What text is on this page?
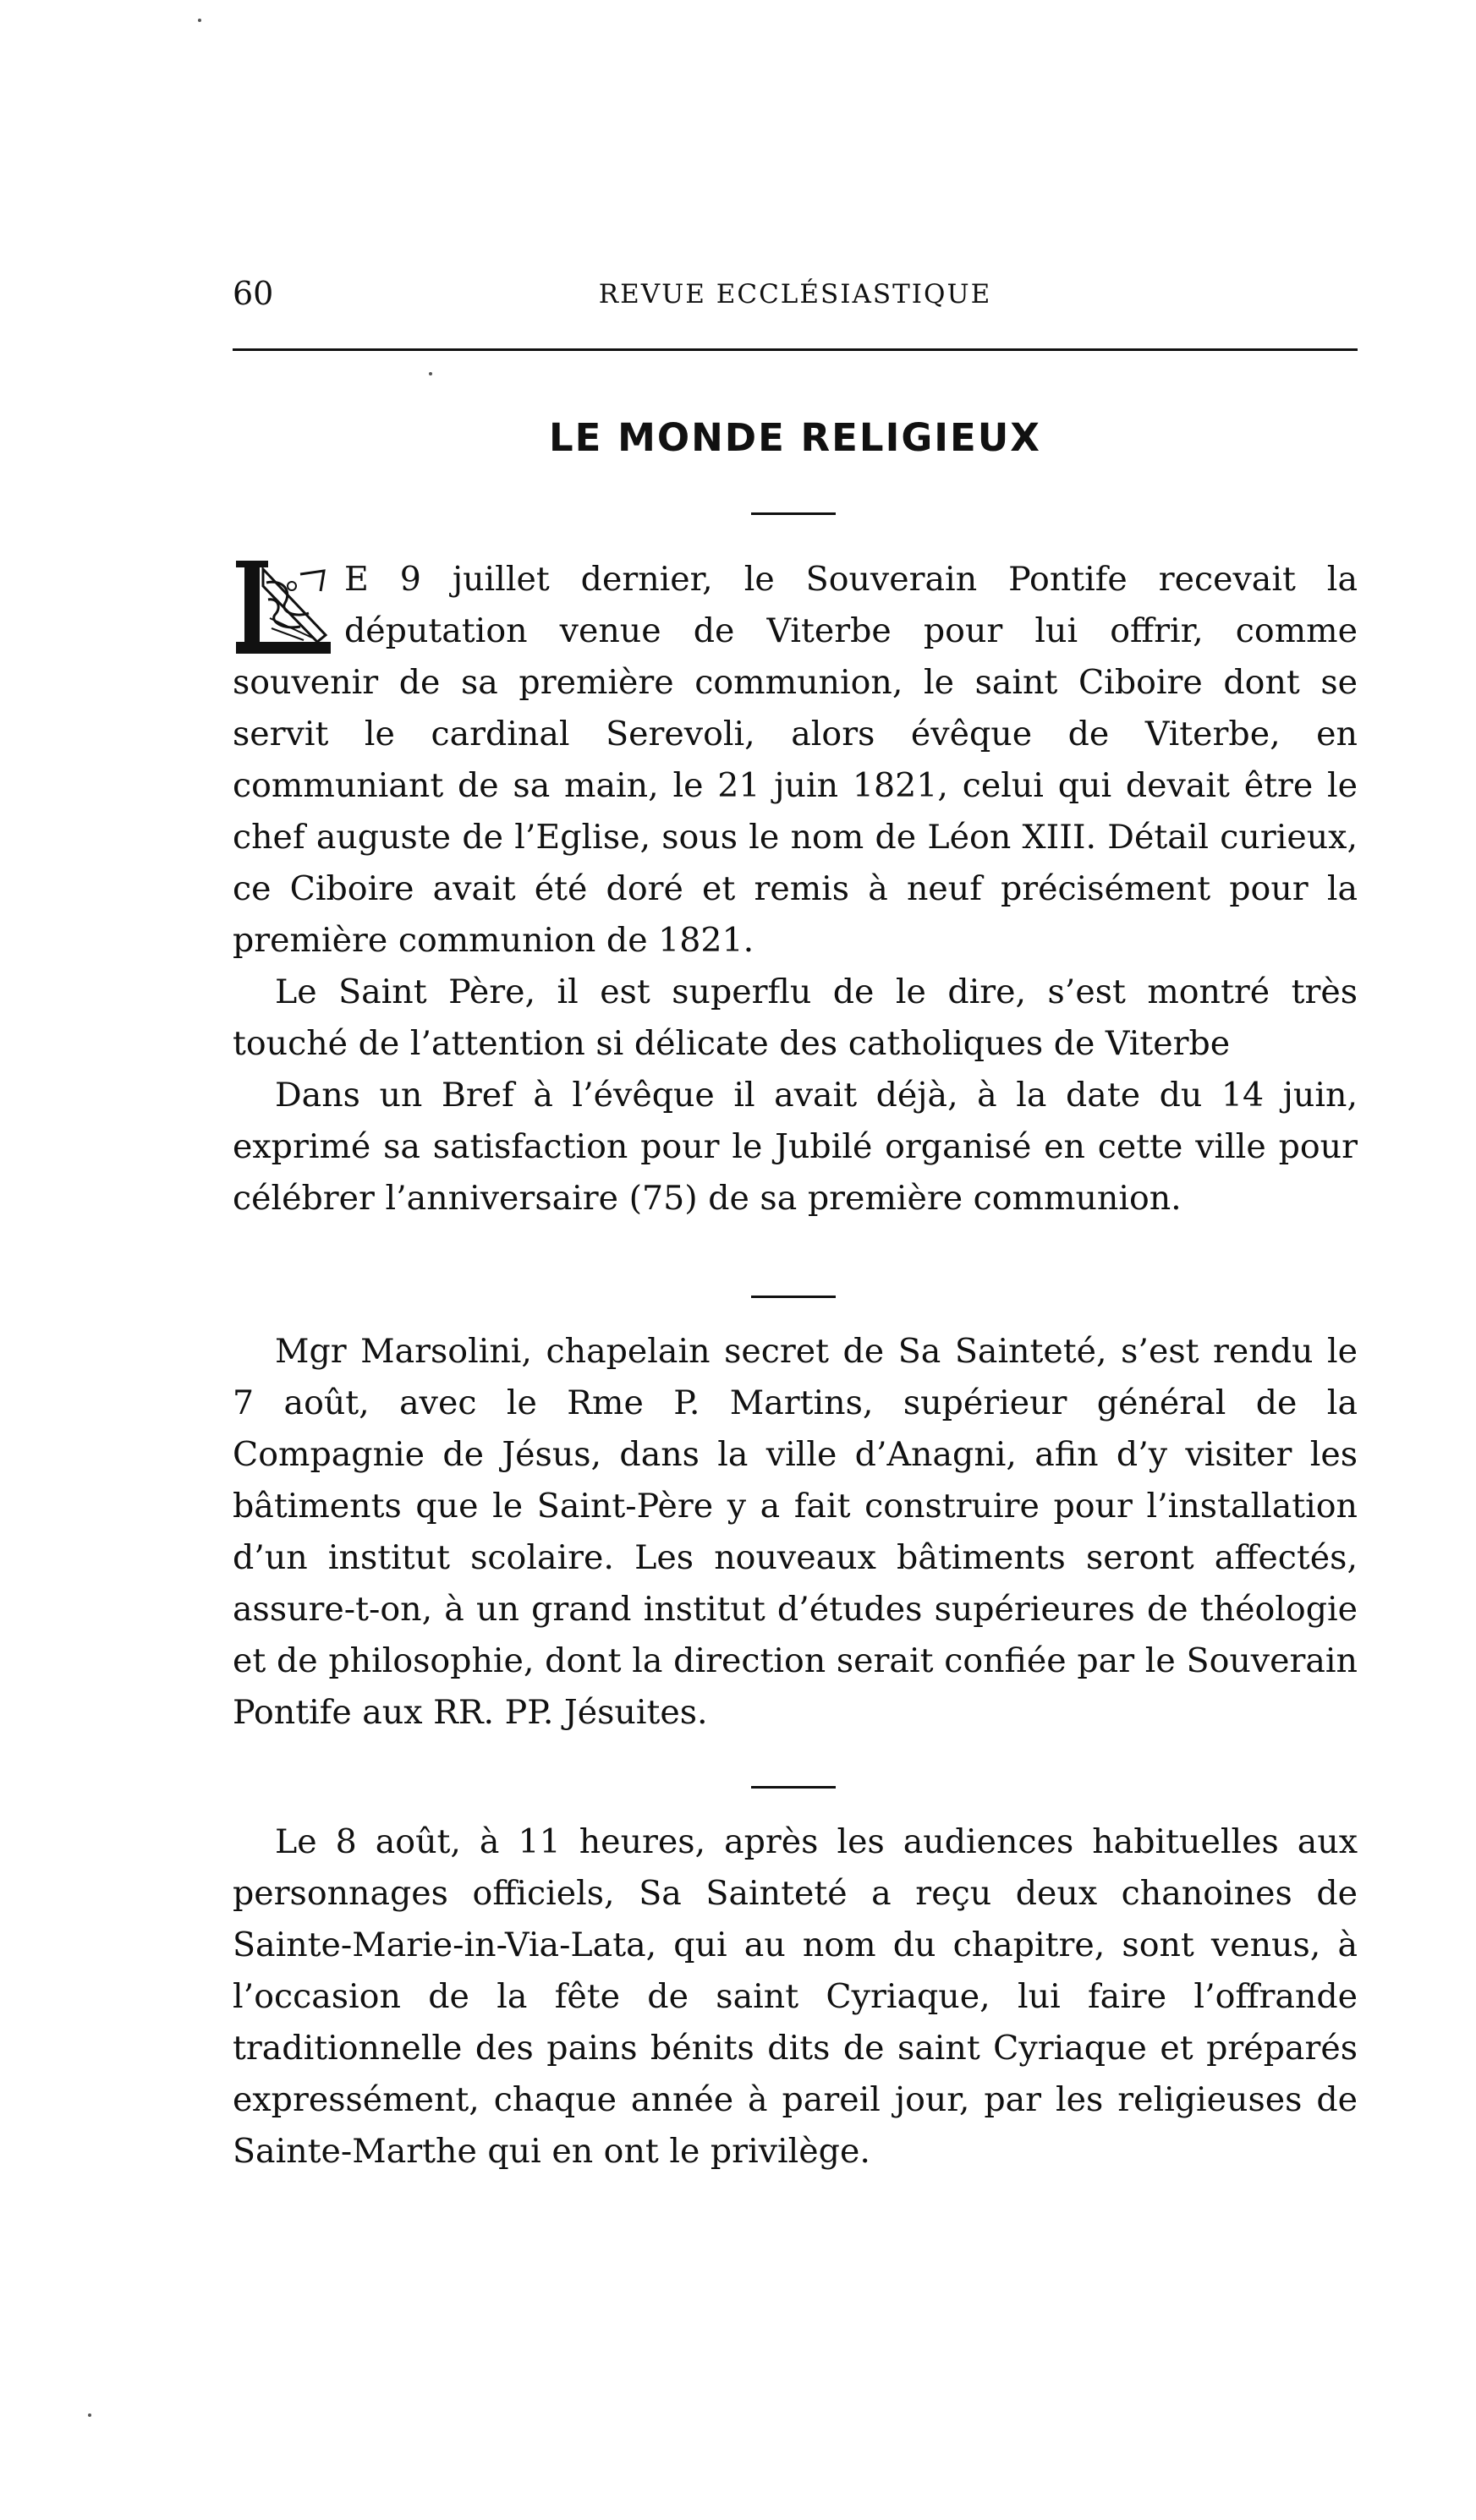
60	REVUE ECCLÉSIASTIQUE
LE MONDE RELIGIEUX

E 9 juillet dernier, le Souverain Pontife recevait la députation venue de Viterbe pour lui offrir, comme souvenir de sa première communion, le saint Ciboire dont se servit le cardinal Serevoli, alors évêque de Viterbe, en communiant de sa main, le 21 juin 1821, celui qui devait être le chef auguste de l’Eglise, sous le nom de Léon XIII. Détail curieux, ce Ciboire avait été doré et remis à neuf précisément pour la première communion de 1821.

Le Saint Père, il est superflu de le dire, s’est montré très touché de l’attention si délicate des catholiques de Viterbe

Dans un Bref à l’évêque il avait déjà, à la date du 14 juin, exprimé sa satisfaction pour le Jubilé organisé en cette ville pour célébrer l’anniversaire (75) de sa première communion.

Mgr Marsolini, chapelain secret de Sa Sainteté, s’est rendu le 7 août, avec le Rme P. Martins, supérieur général de la Compagnie de Jésus, dans la ville d’Anagni, afin d’y visiter les bâtiments que le Saint-Père y a fait construire pour l’installation d’un institut scolaire. Les nouveaux bâtiments seront affectés, assure-t-on, à un grand institut d’études supérieures de théologie et de philosophie, dont la direction serait confiée par le Souverain Pontife aux RR. PP. Jésuites.

Le 8 août, à 11 heures, après les audiences habituelles aux personnages officiels, Sa Sainteté a reçu deux chanoines de Sainte-Marie-in-Via-Lata, qui au nom du chapitre, sont venus, à l’occasion de la fête de saint Cyriaque, lui faire l’offrande traditionnelle des pains bénits dits de saint Cyriaque et préparés expressément, chaque année à pareil jour, par les religieuses de Sainte-Marthe qui en ont le privilège.
